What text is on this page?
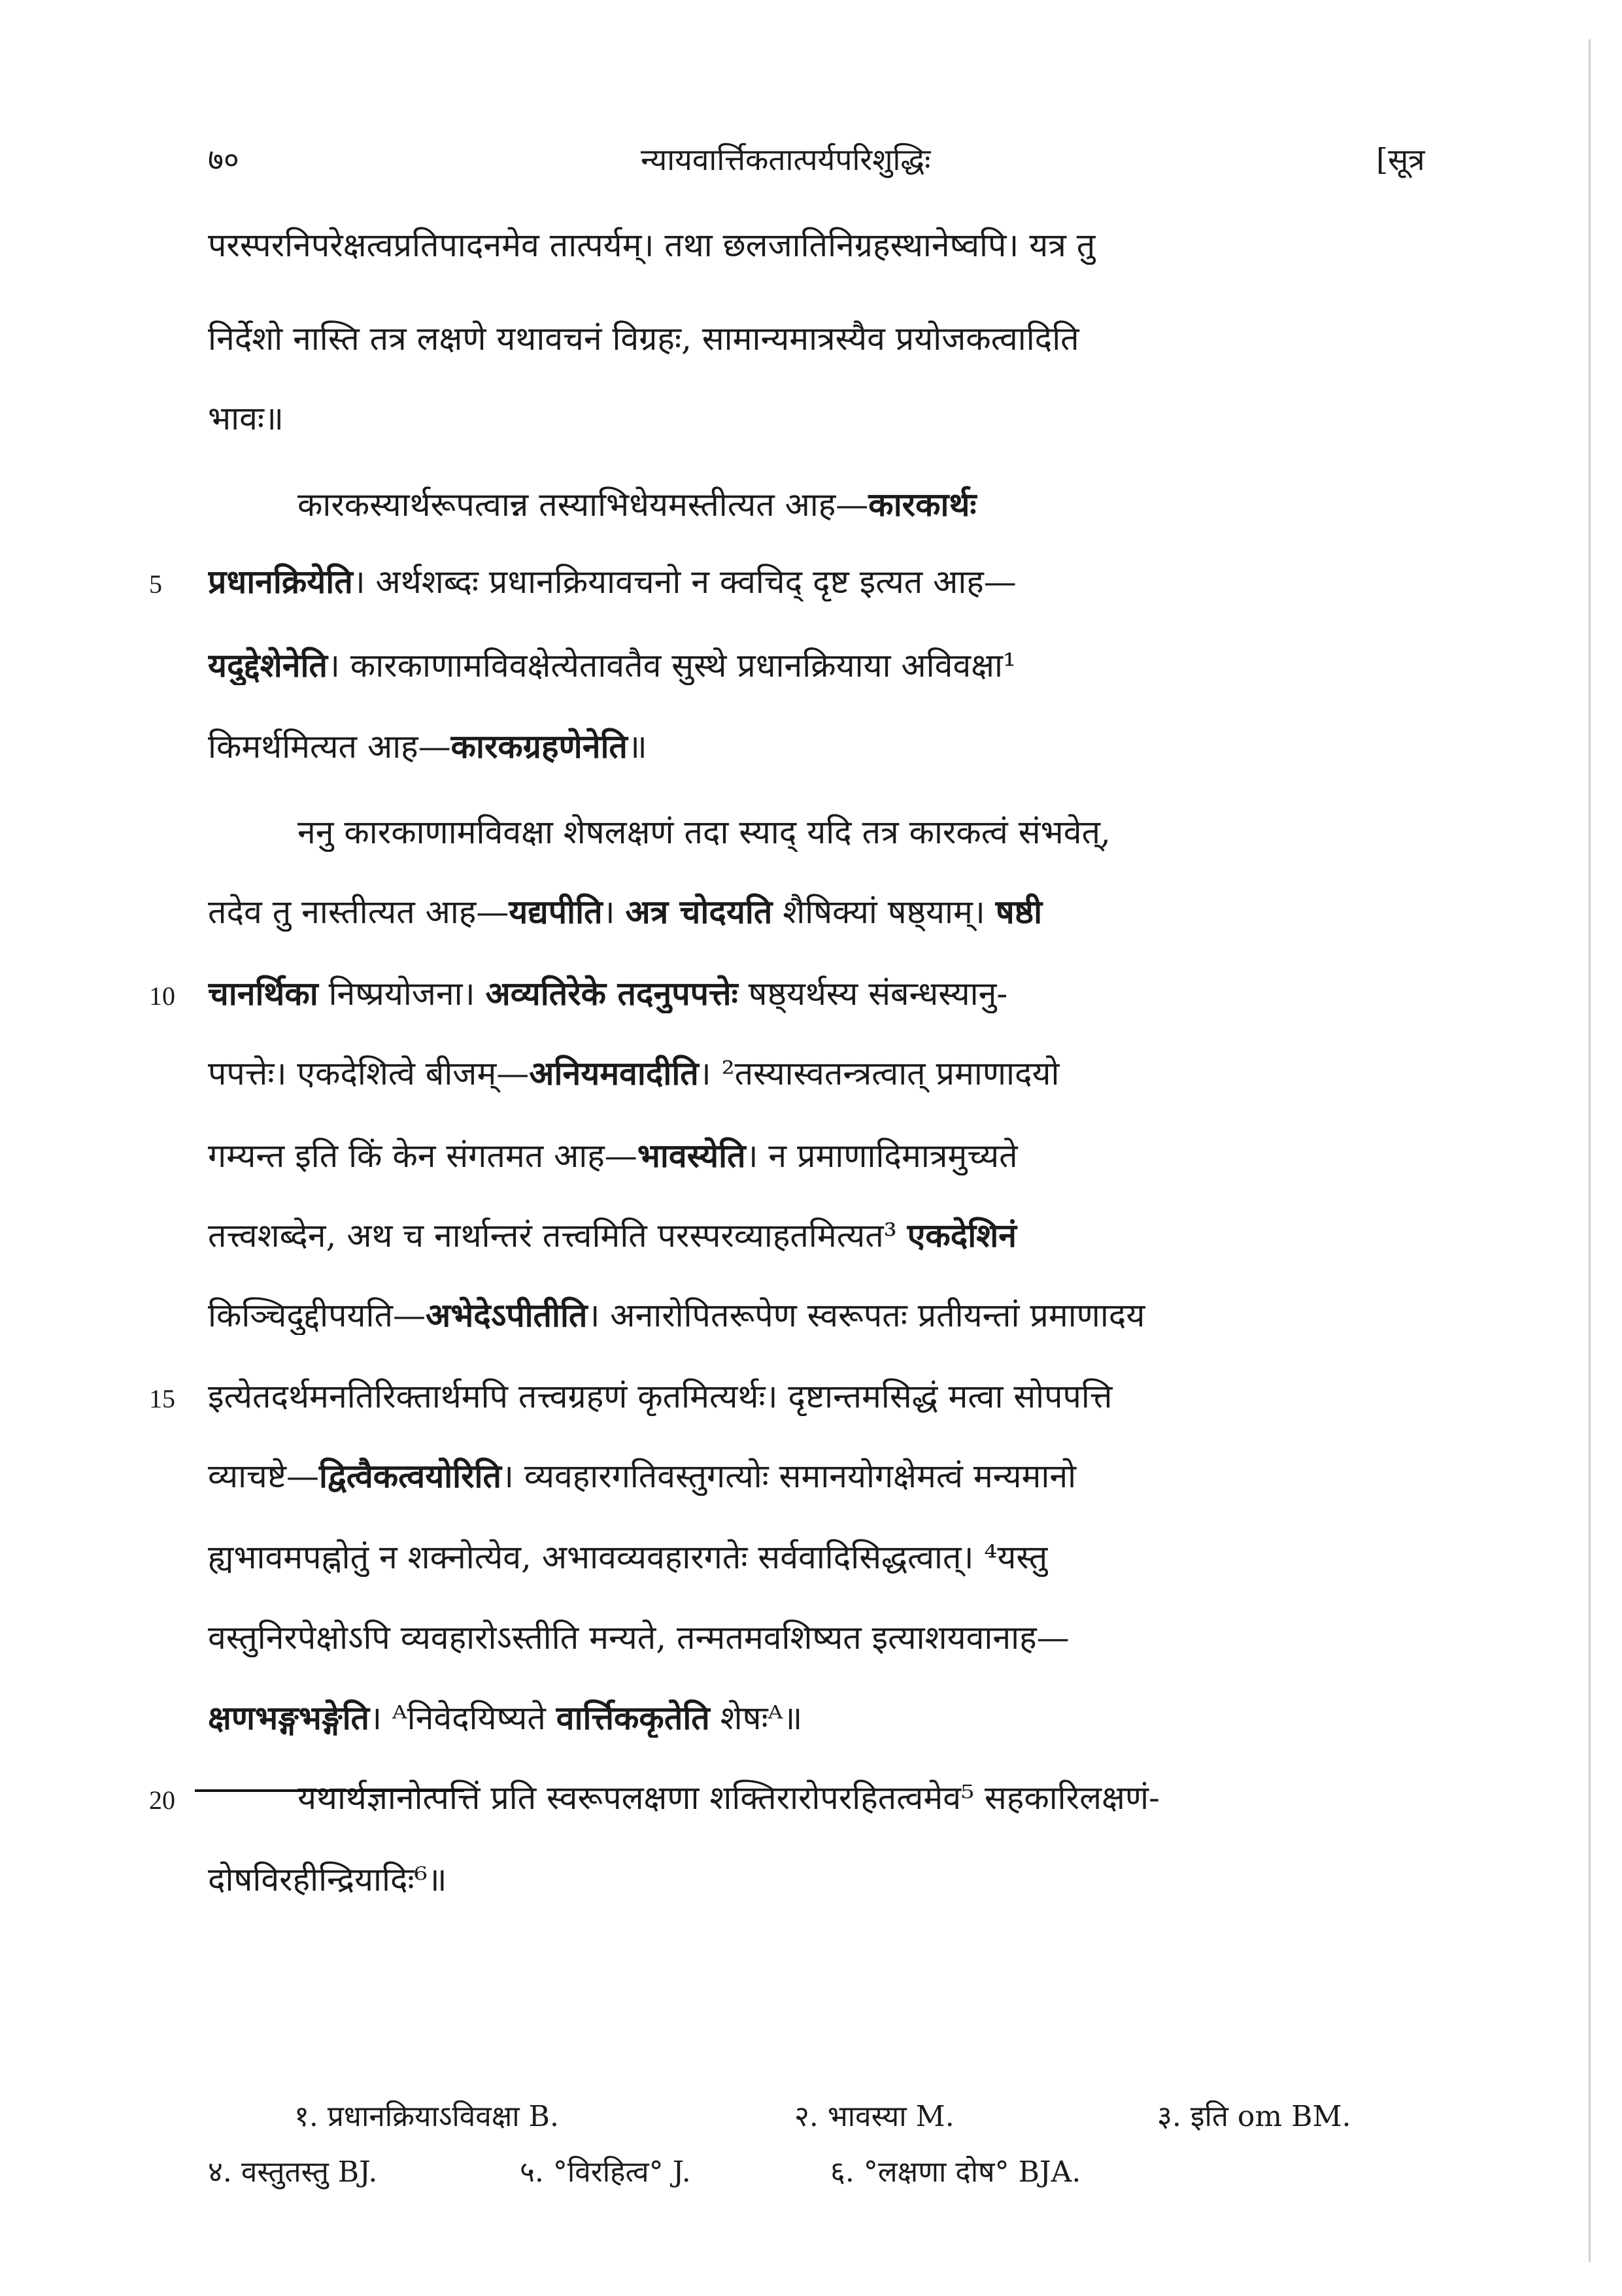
७०	न्यायवार्त्तिकतात्पर्यपरिशुद्धिः	[सूत्र
परस्परनिपरेक्षत्वप्रतिपादनमेव तात्पर्यम्। तथा छलजातिनिग्रहस्थानेष्वपि। यत्र तु
निर्देशो नास्ति तत्र लक्षणे यथावचनं विग्रहः, सामान्यमात्रस्यैव प्रयोजकत्वादिति
भावः॥
कारकस्यार्थरूपत्वान्न तस्याभिधेयमस्तीत्यत आह—कारकार्थः
5 प्रधानक्रियेति। अर्थशब्दः प्रधानक्रियावचनो न क्वचिद् दृष्ट इत्यत आह—
यदुद्देशेनेति। कारकाणामविवक्षेत्येतावतैव सुस्थे प्रधानक्रियाया अविवक्षा¹
किमर्थमित्यत आह—कारकग्रहणेनेति॥
ननु कारकाणामविवक्षा शेषलक्षणं तदा स्याद् यदि तत्र कारकत्वं संभवेत्,
तदेव तु नास्तीत्यत आह—यद्यपीति। अत्र चोदयति शैषिक्यां षष्ठ्याम्। षष्ठी
10 चानर्थिका निष्प्रयोजना। अव्यतिरेके तदनुपपत्तेः षष्ठ्यर्थस्य संबन्धस्यानु-
पपत्तेः। एकदेशित्वे बीजम्—अनियमवादीति। ²तस्यास्वतन्त्रत्वात् प्रमाणादयो
गम्यन्त इति किं केन संगतमत आह—भावस्येति। न प्रमाणादिमात्रमुच्यते
तत्त्वशब्देन, अथ च नार्थान्तरं तत्त्वमिति परस्परव्याहतमित्यत³ एकदेशिनं
किञ्चिदुद्दीपयति—अभेदेऽपीतीति। अनारोपितरूपेण स्वरूपतः प्रतीयन्तां प्रमाणादय
15 इत्येतदर्थमनतिरिक्तार्थमपि तत्त्वग्रहणं कृतमित्यर्थः। दृष्टान्तमसिद्धं मत्वा सोपपत्ति
व्याचष्टे—द्वित्वैकत्वयोरिति। व्यवहारगतिवस्तुगत्योः समानयोगक्षेमत्वं मन्यमानो
ह्यभावमपह्नोतुं न शक्नोत्येव, अभावव्यवहारगतेः सर्ववादिसिद्धत्वात्। ⁴यस्तु
वस्तुनिरपेक्षोऽपि व्यवहारोऽस्तीति मन्यते, तन्मतमवशिष्यत इत्याशयवानाह—
क्षणभङ्गभङ्गेति। ᴬनिवेदयिष्यते वार्त्तिककृतेति शेषःᴬ॥
20	यथार्थज्ञानोत्पत्तिं प्रति स्वरूपलक्षणा शक्तिरारोपरहितत्वमेव⁵ सहकारिलक्षणं-
दोषविरहीन्द्रियादिः⁶॥
१. प्रधानक्रियाऽविवक्षा B.	२. भावस्या M.	३. इति om BM.
४. वस्तुतस्तु BJ.	५. °विरहित्व° J.	६. °लक्षणा दोष° BJA.
